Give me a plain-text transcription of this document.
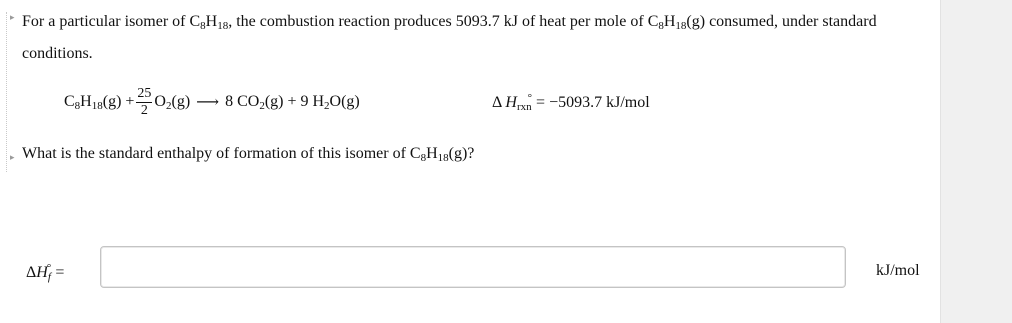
▸
▸
For a particular isomer of $C_8H_{18}$, the combustion reaction produces 5093.7 kJ of heat per mole of $C_8H_{18}(g)$ consumed, under standard conditions.
$C_8H_{18}(g) + \frac{25}{2} O_2(g)$ ⟶ 8 $CO_2(g) + 9$ $H_2O(g)$	Δ Hrxn° = −5093.7 kJ/mol
What is the standard enthalpy of formation of this isomer of $C_8H_{18}(g)$?
$\Delta H_f^\circ$ =	kJ/mol
